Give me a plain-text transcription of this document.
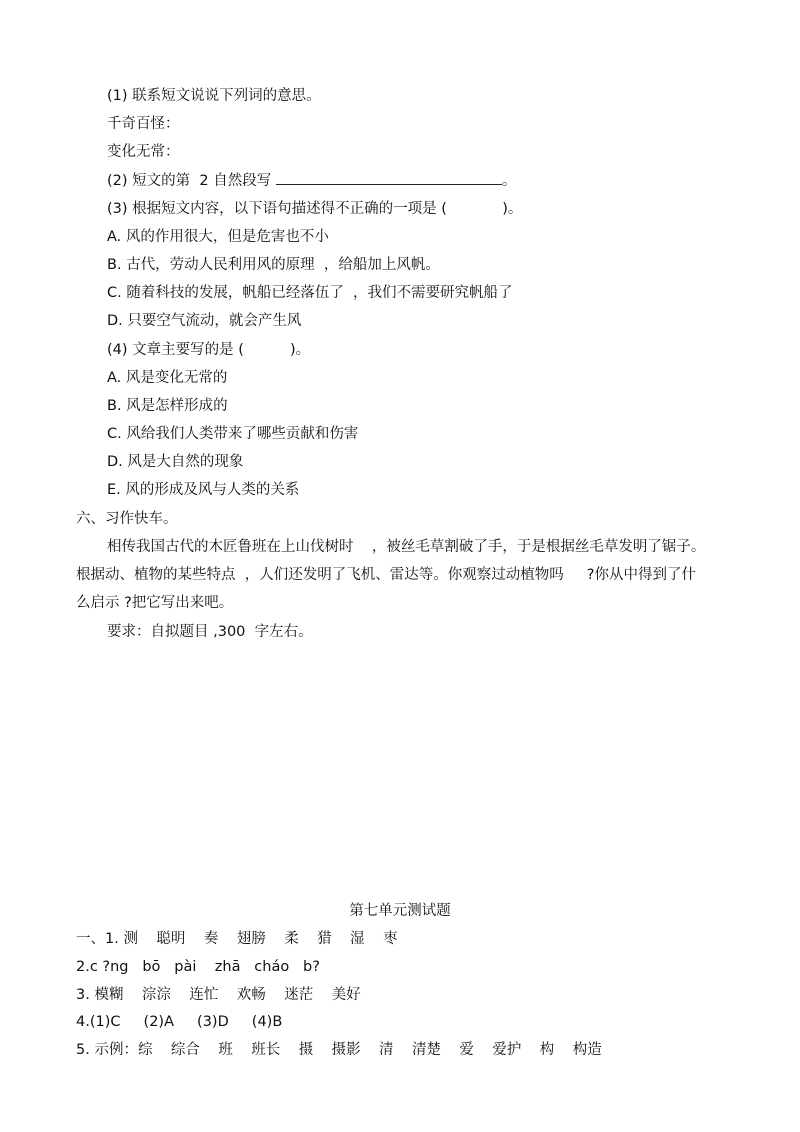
(1) 联系短文说说下列词的意思。
千奇百怪：
变化无常：
(2) 短文的第  2 自然段写	。
(3) 根据短文内容，以下语句描述得不正确的一项是 (            )。
A. 风的作用很大，但是危害也不小
B. 古代，劳动人民利用风的原理  ，给船加上风帆。
C. 随着科技的发展，帆船已经落伍了  ，我们不需要研究帆船了
D. 只要空气流动，就会产生风
(4) 文章主要写的是 (          )。
A. 风是变化无常的
B. 风是怎样形成的
C. 风给我们人类带来了哪些贡献和伤害
D. 风是大自然的现象
E. 风的形成及风与人类的关系
六、习作快车。
相传我国古代的木匠鲁班在上山伐树时    ，被丝毛草割破了手，于是根据丝毛草发明了锯子。
根据动、植物的某些特点  ，人们还发明了飞机、雷达等。你观察过动植物吗     ?你从中得到了什
么启示 ?把它写出来吧。
要求：自拟题目 ,300  字左右。
第七单元测试题
一、1. 测    聪明    奏    翅膀    柔    猎    湿    枣
2.c ?ng   bō   pài    zhā   cháo   b?
3. 模糊    淙淙    连忙    欢畅    迷茫    美好
4.(1)C     (2)A     (3)D     (4)B
5. 示例：综    综合    班    班长    摄    摄影    清    清楚    爱    爱护    构    构造
